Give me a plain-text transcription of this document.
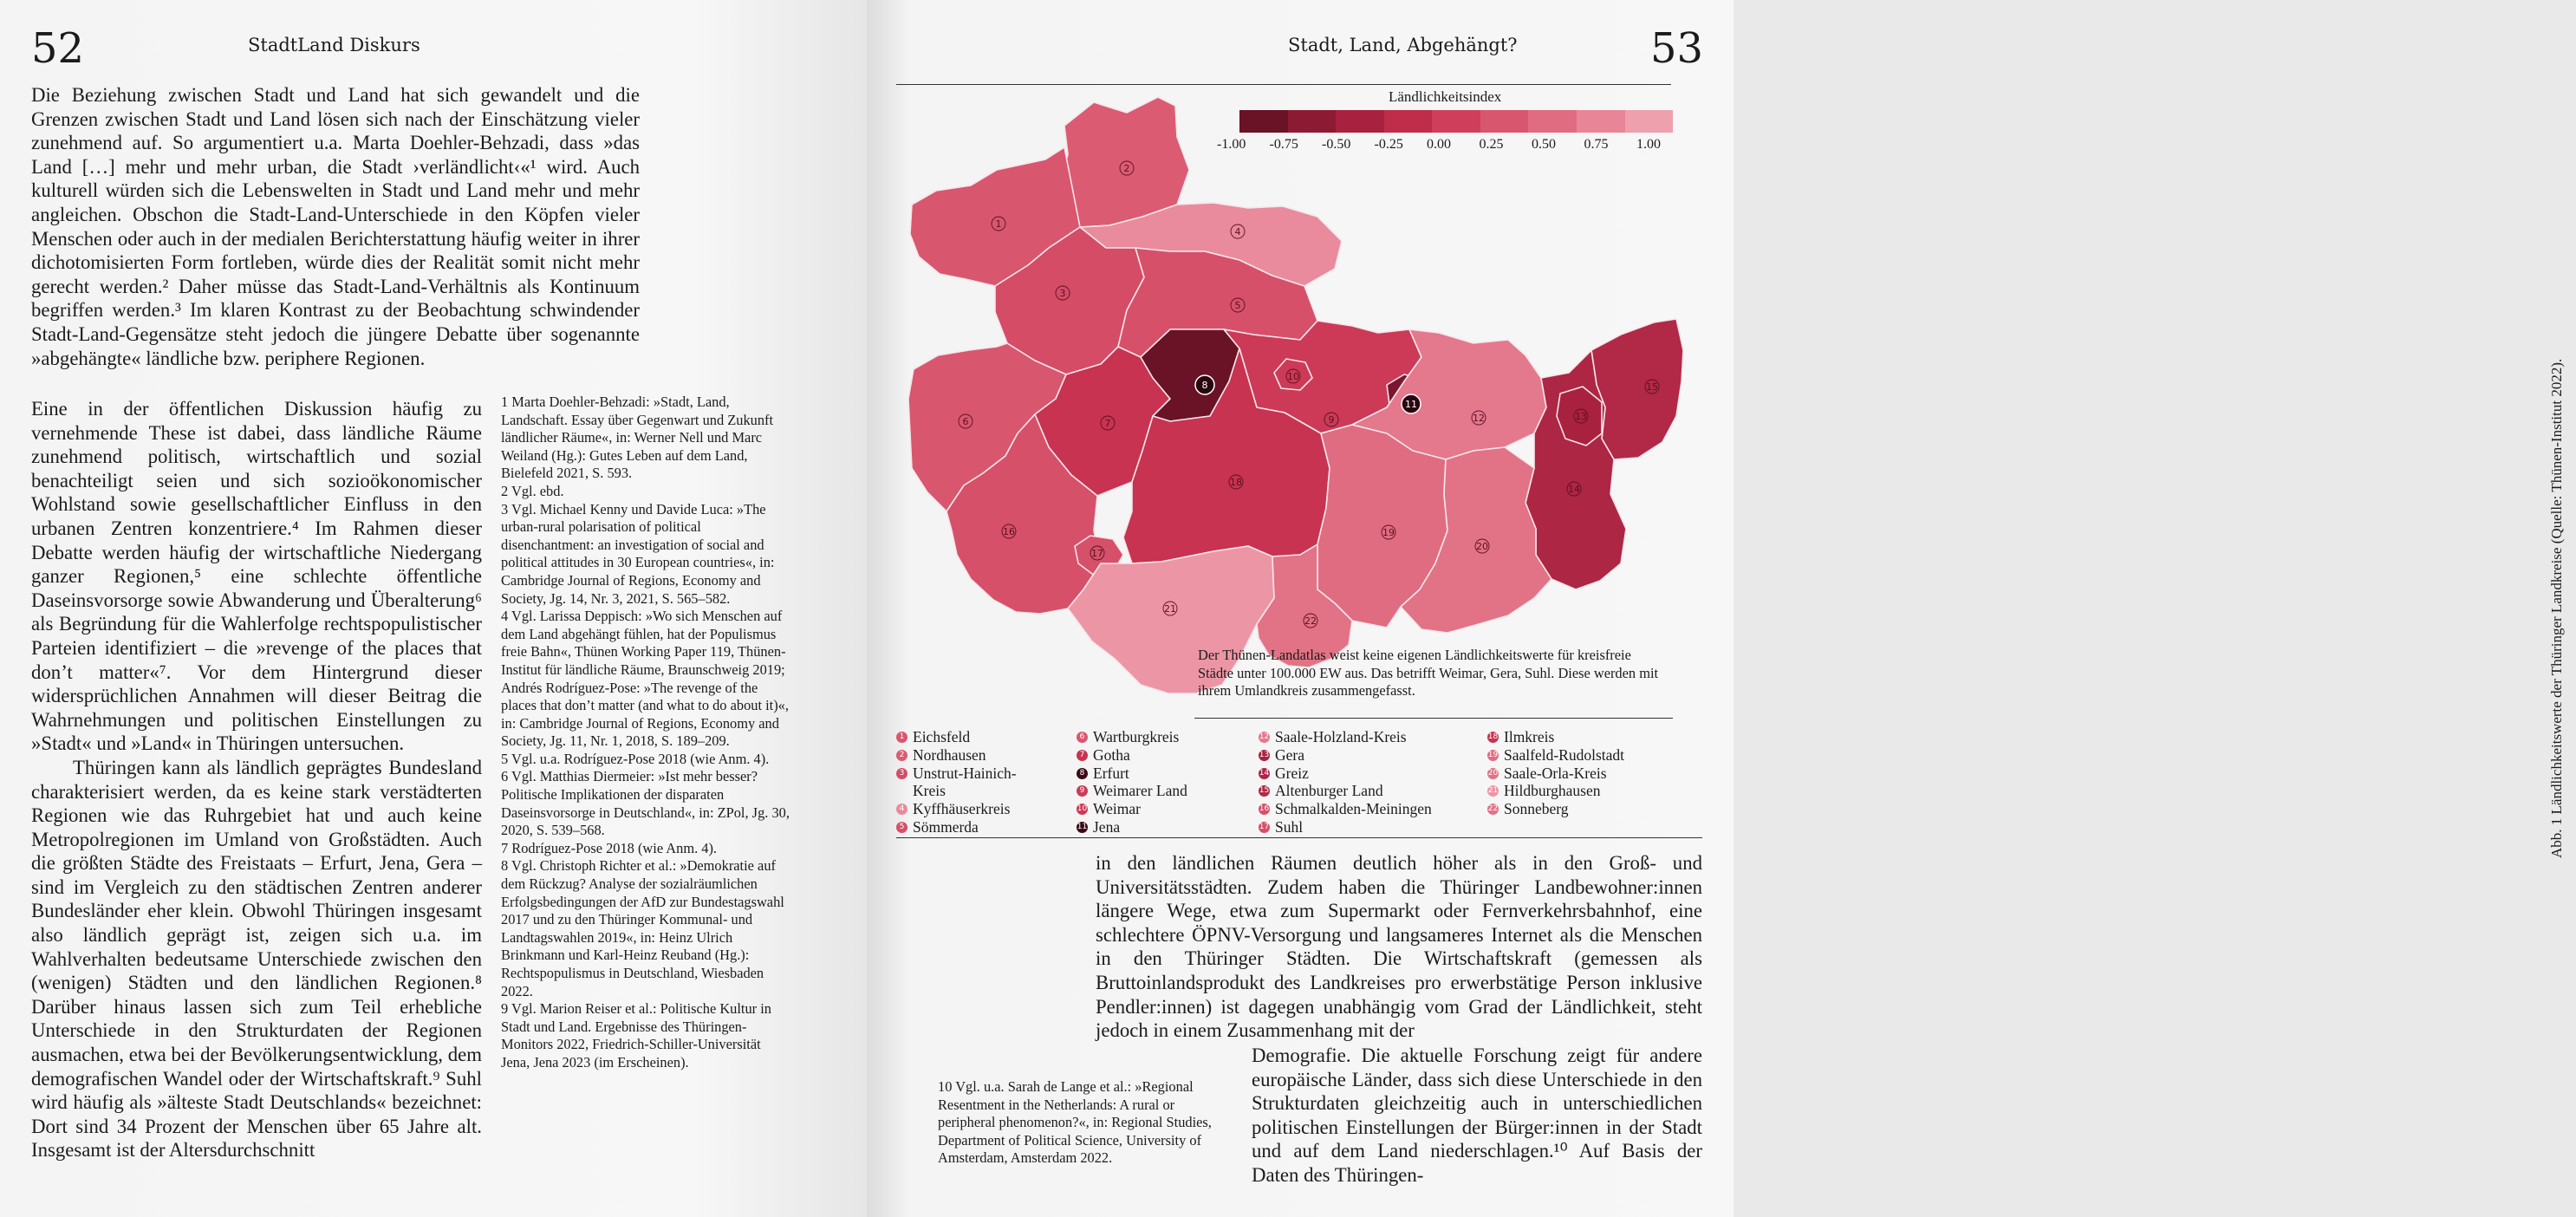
52	StadtLand Diskurs

Die Beziehung zwischen Stadt und Land hat sich gewandelt und die Grenzen zwischen Stadt und Land lösen sich nach der Einschätzung vieler zunehmend auf. So argumentiert u.a. Marta Doehler-Behzadi, dass »das Land […] mehr und mehr urban, die Stadt ›verländlicht‹«¹ wird. Auch kulturell würden sich die Lebenswelten in Stadt und Land mehr und mehr angleichen. Obschon die Stadt-Land-Unterschiede in den Köpfen vieler Menschen oder auch in der medialen Berichterstattung häufig weiter in ihrer dichotomisierten Form fortleben, würde dies der Realität somit nicht mehr gerecht werden.² Daher müsse das Stadt-Land-Verhältnis als Kontinuum begriffen werden.³ Im klaren Kontrast zu der Beobachtung schwindender Stadt-Land-Gegensätze steht jedoch die jüngere Debatte über sogenannte »abgehängte« ländliche bzw. periphere Regionen.

Eine in der öffentlichen Diskussion häufig zu vernehmende These ist dabei, dass ländliche Räume zunehmend politisch, wirtschaftlich und sozial benachteiligt seien und sich sozioökonomischer Wohlstand sowie gesellschaftlicher Einfluss in den urbanen Zentren konzentriere.⁴ Im Rahmen dieser Debatte werden häufig der wirtschaftliche Niedergang ganzer Regionen,⁵ eine schlechte öffentliche Daseinsvorsorge sowie Abwanderung und Überalterung⁶ als Begründung für die Wahlerfolge rechtspopulistischer Parteien identifiziert – die »revenge of the places that don’t matter«⁷. Vor dem Hintergrund dieser widersprüchlichen Annahmen will dieser Beitrag die Wahrnehmungen und politischen Einstellungen zu »Stadt« und »Land« in Thüringen untersuchen.

Thüringen kann als ländlich geprägtes Bundesland charakterisiert werden, da es keine stark verstädterten Regionen wie das Ruhrgebiet hat und auch keine Metropolregionen im Umland von Großstädten. Auch die größten Städte des Freistaats – Erfurt, Jena, Gera – sind im Vergleich zu den städtischen Zentren anderer Bundesländer eher klein. Obwohl Thüringen insgesamt also ländlich geprägt ist, zeigen sich u.a. im Wahlverhalten bedeutsame Unterschiede zwischen den (wenigen) Städten und den ländlichen Regionen.⁸ Darüber hinaus lassen sich zum Teil erhebliche Unterschiede in den Strukturdaten der Regionen ausmachen, etwa bei der Bevölkerungsentwicklung, dem demografischen Wandel oder der Wirtschaftskraft.⁹ Suhl wird häufig als »älteste Stadt Deutschlands« bezeichnet: Dort sind 34 Prozent der Menschen über 65 Jahre alt. Insgesamt ist der Altersdurchschnitt

1 Marta Doehler-Behzadi: »Stadt, Land, Landschaft. Essay über Gegenwart und Zukunft ländlicher Räume«, in: Werner Nell und Marc Weiland (Hg.): Gutes Leben auf dem Land, Bielefeld 2021, S. 593.
2 Vgl. ebd.
3 Vgl. Michael Kenny und Davide Luca: »The urban-rural polarisation of political disenchantment: an investigation of social and political attitudes in 30 European countries«, in: Cambridge Journal of Regions, Economy and Society, Jg. 14, Nr. 3, 2021, S. 565–582.
4 Vgl. Larissa Deppisch: »Wo sich Menschen auf dem Land abgehängt fühlen, hat der Populismus freie Bahn«, Thünen Working Paper 119, Thünen-Institut für ländliche Räume, Braunschweig 2019; Andrés Rodríguez-Pose: »The revenge of the places that don’t matter (and what to do about it)«, in: Cambridge Journal of Regions, Economy and Society, Jg. 11, Nr. 1, 2018, S. 189–209.
5 Vgl. u.a. Rodríguez-Pose 2018 (wie Anm. 4).
6 Vgl. Matthias Diermeier: »Ist mehr besser? Politische Implikationen der disparaten Daseinsvorsorge in Deutschland«, in: ZPol, Jg. 30, 2020, S. 539–568.
7 Rodríguez-Pose 2018 (wie Anm. 4).
8 Vgl. Christoph Richter et al.: »Demokratie auf dem Rückzug? Analyse der sozialräumlichen Erfolgsbedingungen der AfD zur Bundestagswahl 2017 und zu den Thüringer Kommunal- und Landtagswahlen 2019«, in: Heinz Ulrich Brinkmann und Karl-Heinz Reuband (Hg.): Rechtspopulismus in Deutschland, Wiesbaden 2022.
9 Vgl. Marion Reiser et al.: Politische Kultur in Stadt und Land. Ergebnisse des Thüringen-Monitors 2022, Friedrich-Schiller-Universität Jena, Jena 2023 (im Erscheinen).
Stadt, Land, Abgehängt?	53
Ländlichkeitsindex
-1.00 -0.75 -0.50 -0.25 0.00 0.25 0.50 0.75 1.00
1
2
3
4
5
6	7
8
9
10
11
12	13
14
15
16
17
18
19
20
21
22
Der Thünen-Landatlas weist keine eigenen Ländlichkeitswerte für kreisfreie Städte unter 100.000 EW aus. Das betrifft Weimar, Gera, Suhl. Diese werden mit ihrem Umlandkreis zusammengefasst.
1 Eichsfeld
2 Nordhausen
3 Unstrut-Hainich-
Kreis
4 Kyffhäuserkreis
5 Sömmerda
6 Wartburgkreis
7 Gotha
8 Erfurt
9 Weimarer Land
10 Weimar
11 Jena
12 Saale-Holzland-Kreis
13 Gera
14 Greiz
15 Altenburger Land
16 Schmalkalden-Meiningen
17 Suhl
18 Ilmkreis
19 Saalfeld-Rudolstadt
20 Saale-Orla-Kreis
21 Hildburghausen
22 Sonneberg	Abb. 1 Ländlichkeitswerte der Thüringer Landkreise (Quelle: Thünen-Institut 2022).

in den ländlichen Räumen deutlich höher als in den Groß- und Universitätsstädten. Zudem haben die Thüringer Landbewohner:innen längere Wege, etwa zum Supermarkt oder Fernverkehrsbahnhof, eine schlechtere ÖPNV-Versorgung und langsameres Internet als die Menschen in den Thüringer Städten. Die Wirtschaftskraft (gemessen als Bruttoinlandsprodukt des Landkreises pro erwerbstätige Person inklusive Pendler:innen) ist dagegen unabhängig vom Grad der Ländlichkeit, steht jedoch in einem Zusammenhang mit der

Demografie. Die aktuelle Forschung zeigt für andere europäische Länder, dass sich diese Unterschiede in den Strukturdaten gleichzeitig auch in unterschiedlichen politischen Einstellungen der Bürger:innen in der Stadt und auf dem Land niederschlagen.¹⁰ Auf Basis der Daten des Thüringen-

10 Vgl. u.a. Sarah de Lange et al.: »Regional Resentment in the Netherlands: A rural or peripheral phenomenon?«, in: Regional Studies, Department of Political Science, University of Amsterdam, Amsterdam 2022.
